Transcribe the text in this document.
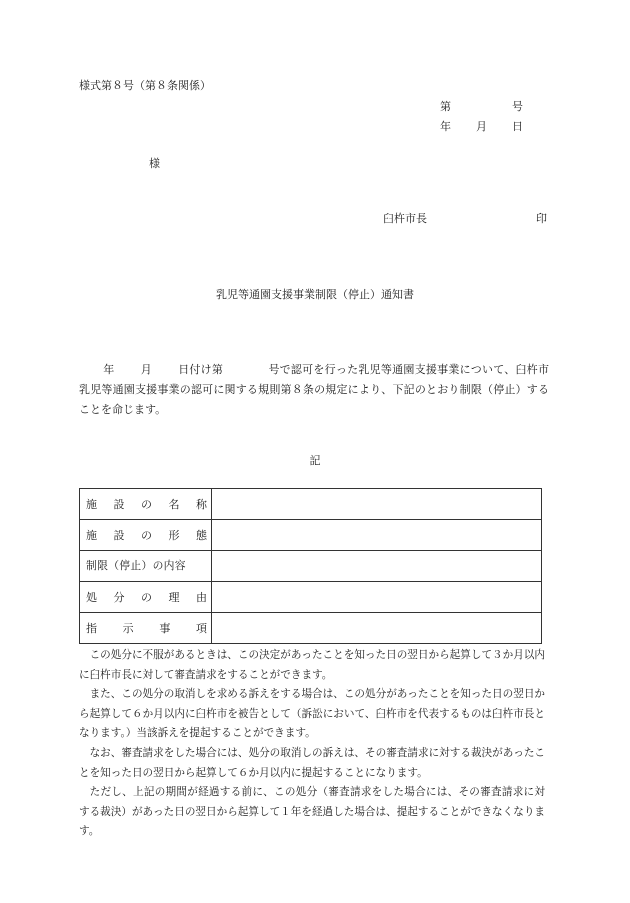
様式第８号（第８条関係）
第	号
年 月 日
様
臼杵市長	印
乳児等通園支援事業制限（停止）通知書
年 月 日付け第	号で認可を行った乳児等通園支援事業について、臼杵市乳児等通園支援事業の認可に関する規則第８条の規定により、下記のとおり制限（停止）することを命じます。
記
施 設 の 名 称	

施 設 の 形 態	

制限（停止）の内容	

処 分 の 理 由	

指 示 事 項	

この処分に不服があるときは、この決定があったことを知った日の翌日から起算して３か月以内に臼杵市長に対して審査請求をすることができます。

また、この処分の取消しを求める訴えをする場合は、この処分があったことを知った日の翌日から起算して６か月以内に臼杵市を被告として（訴訟において、臼杵市を代表するものは臼杵市長となります。）当該訴えを提起することができます。

なお、審査請求をした場合には、処分の取消しの訴えは、その審査請求に対する裁決があったことを知った日の翌日から起算して６か月以内に提起することになります。

ただし、上記の期間が経過する前に、この処分（審査請求をした場合には、その審査請求に対する裁決）があった日の翌日から起算して１年を経過した場合は、提起することができなくなります。
